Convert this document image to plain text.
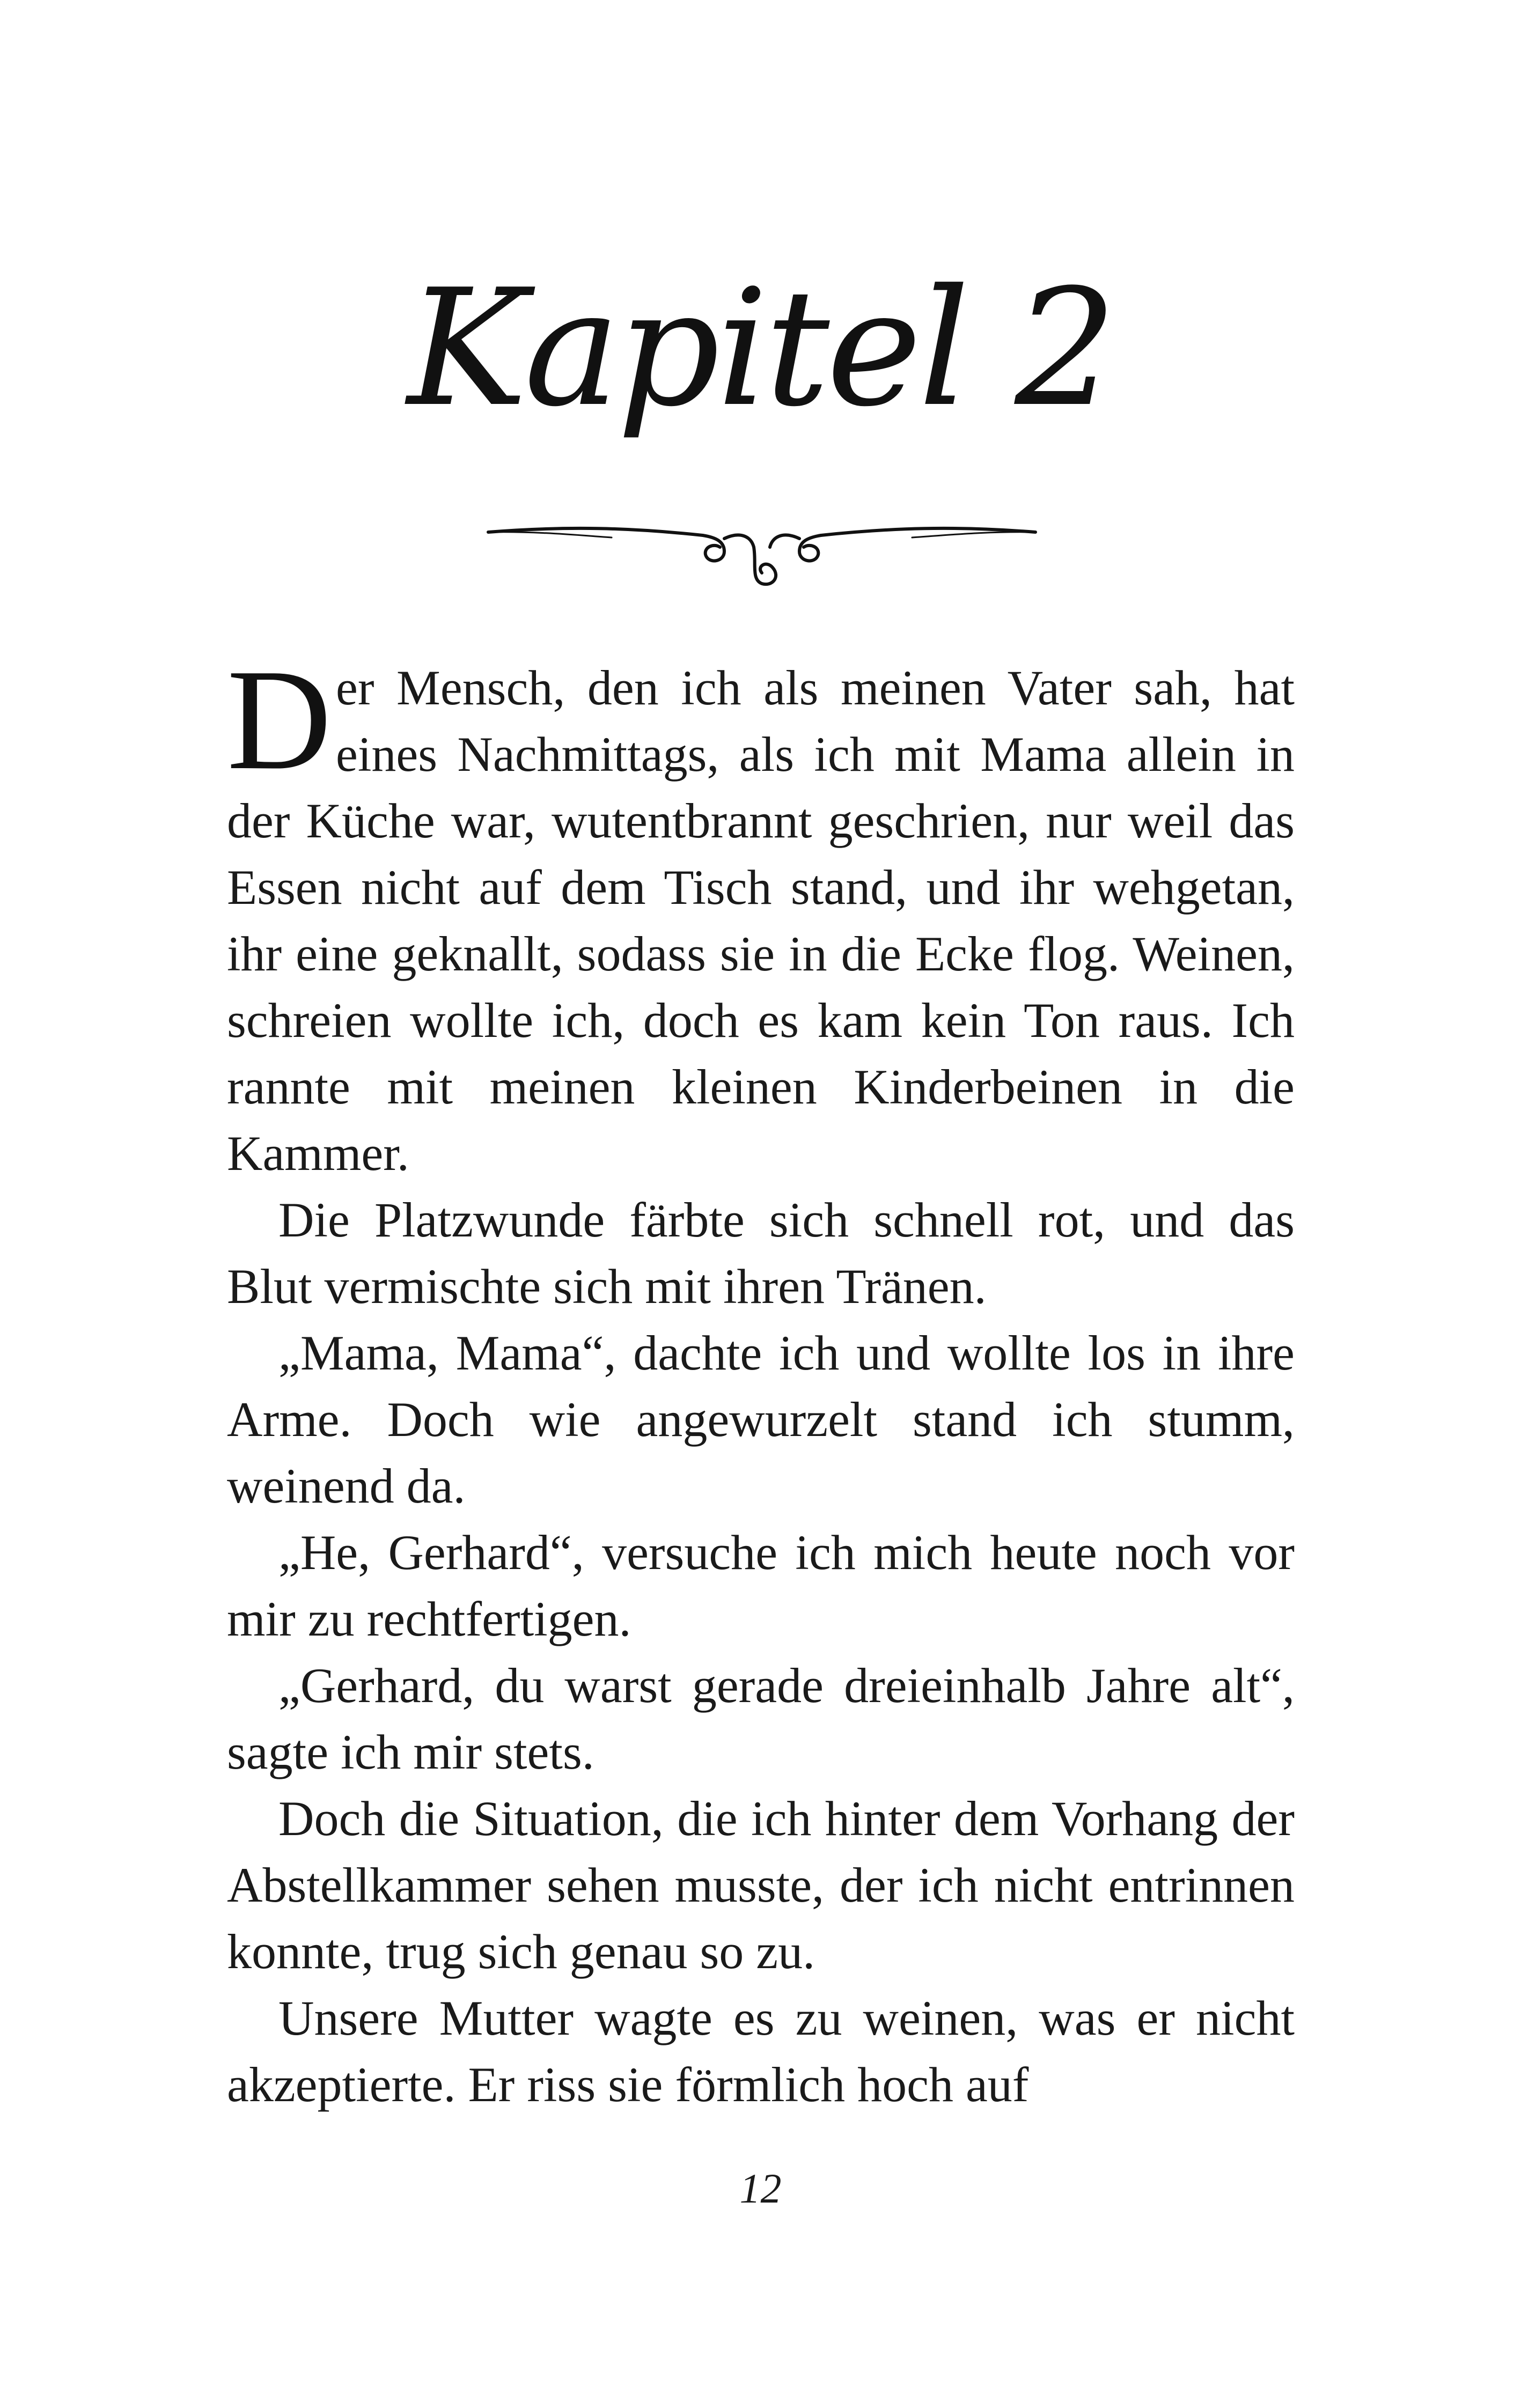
Kapitel 2

Der Mensch, den ich als meinen Vater sah, hat eines Nachmittags, als ich mit Mama allein in der Küche war, wutentbrannt geschrien, nur weil das Essen nicht auf dem Tisch stand, und ihr wehgetan, ihr eine geknallt, sodass sie in die Ecke flog. Weinen, schreien wollte ich, doch es kam kein Ton raus. Ich rannte mit meinen kleinen Kinderbeinen in die Kammer.

Die Platzwunde färbte sich schnell rot, und das Blut vermischte sich mit ihren Tränen.

„Mama, Mama“, dachte ich und wollte los in ihre Arme. Doch wie angewurzelt stand ich stumm, weinend da.

„He, Gerhard“, versuche ich mich heute noch vor mir zu rechtfertigen.

„Gerhard, du warst gerade dreieinhalb Jahre alt“, sagte ich mir stets.

Doch die Situation, die ich hinter dem Vorhang der Abstellkammer sehen musste, der ich nicht entrinnen konnte, trug sich genau so zu.

Unsere Mutter wagte es zu weinen, was er nicht akzeptierte. Er riss sie förmlich hoch auf

12
